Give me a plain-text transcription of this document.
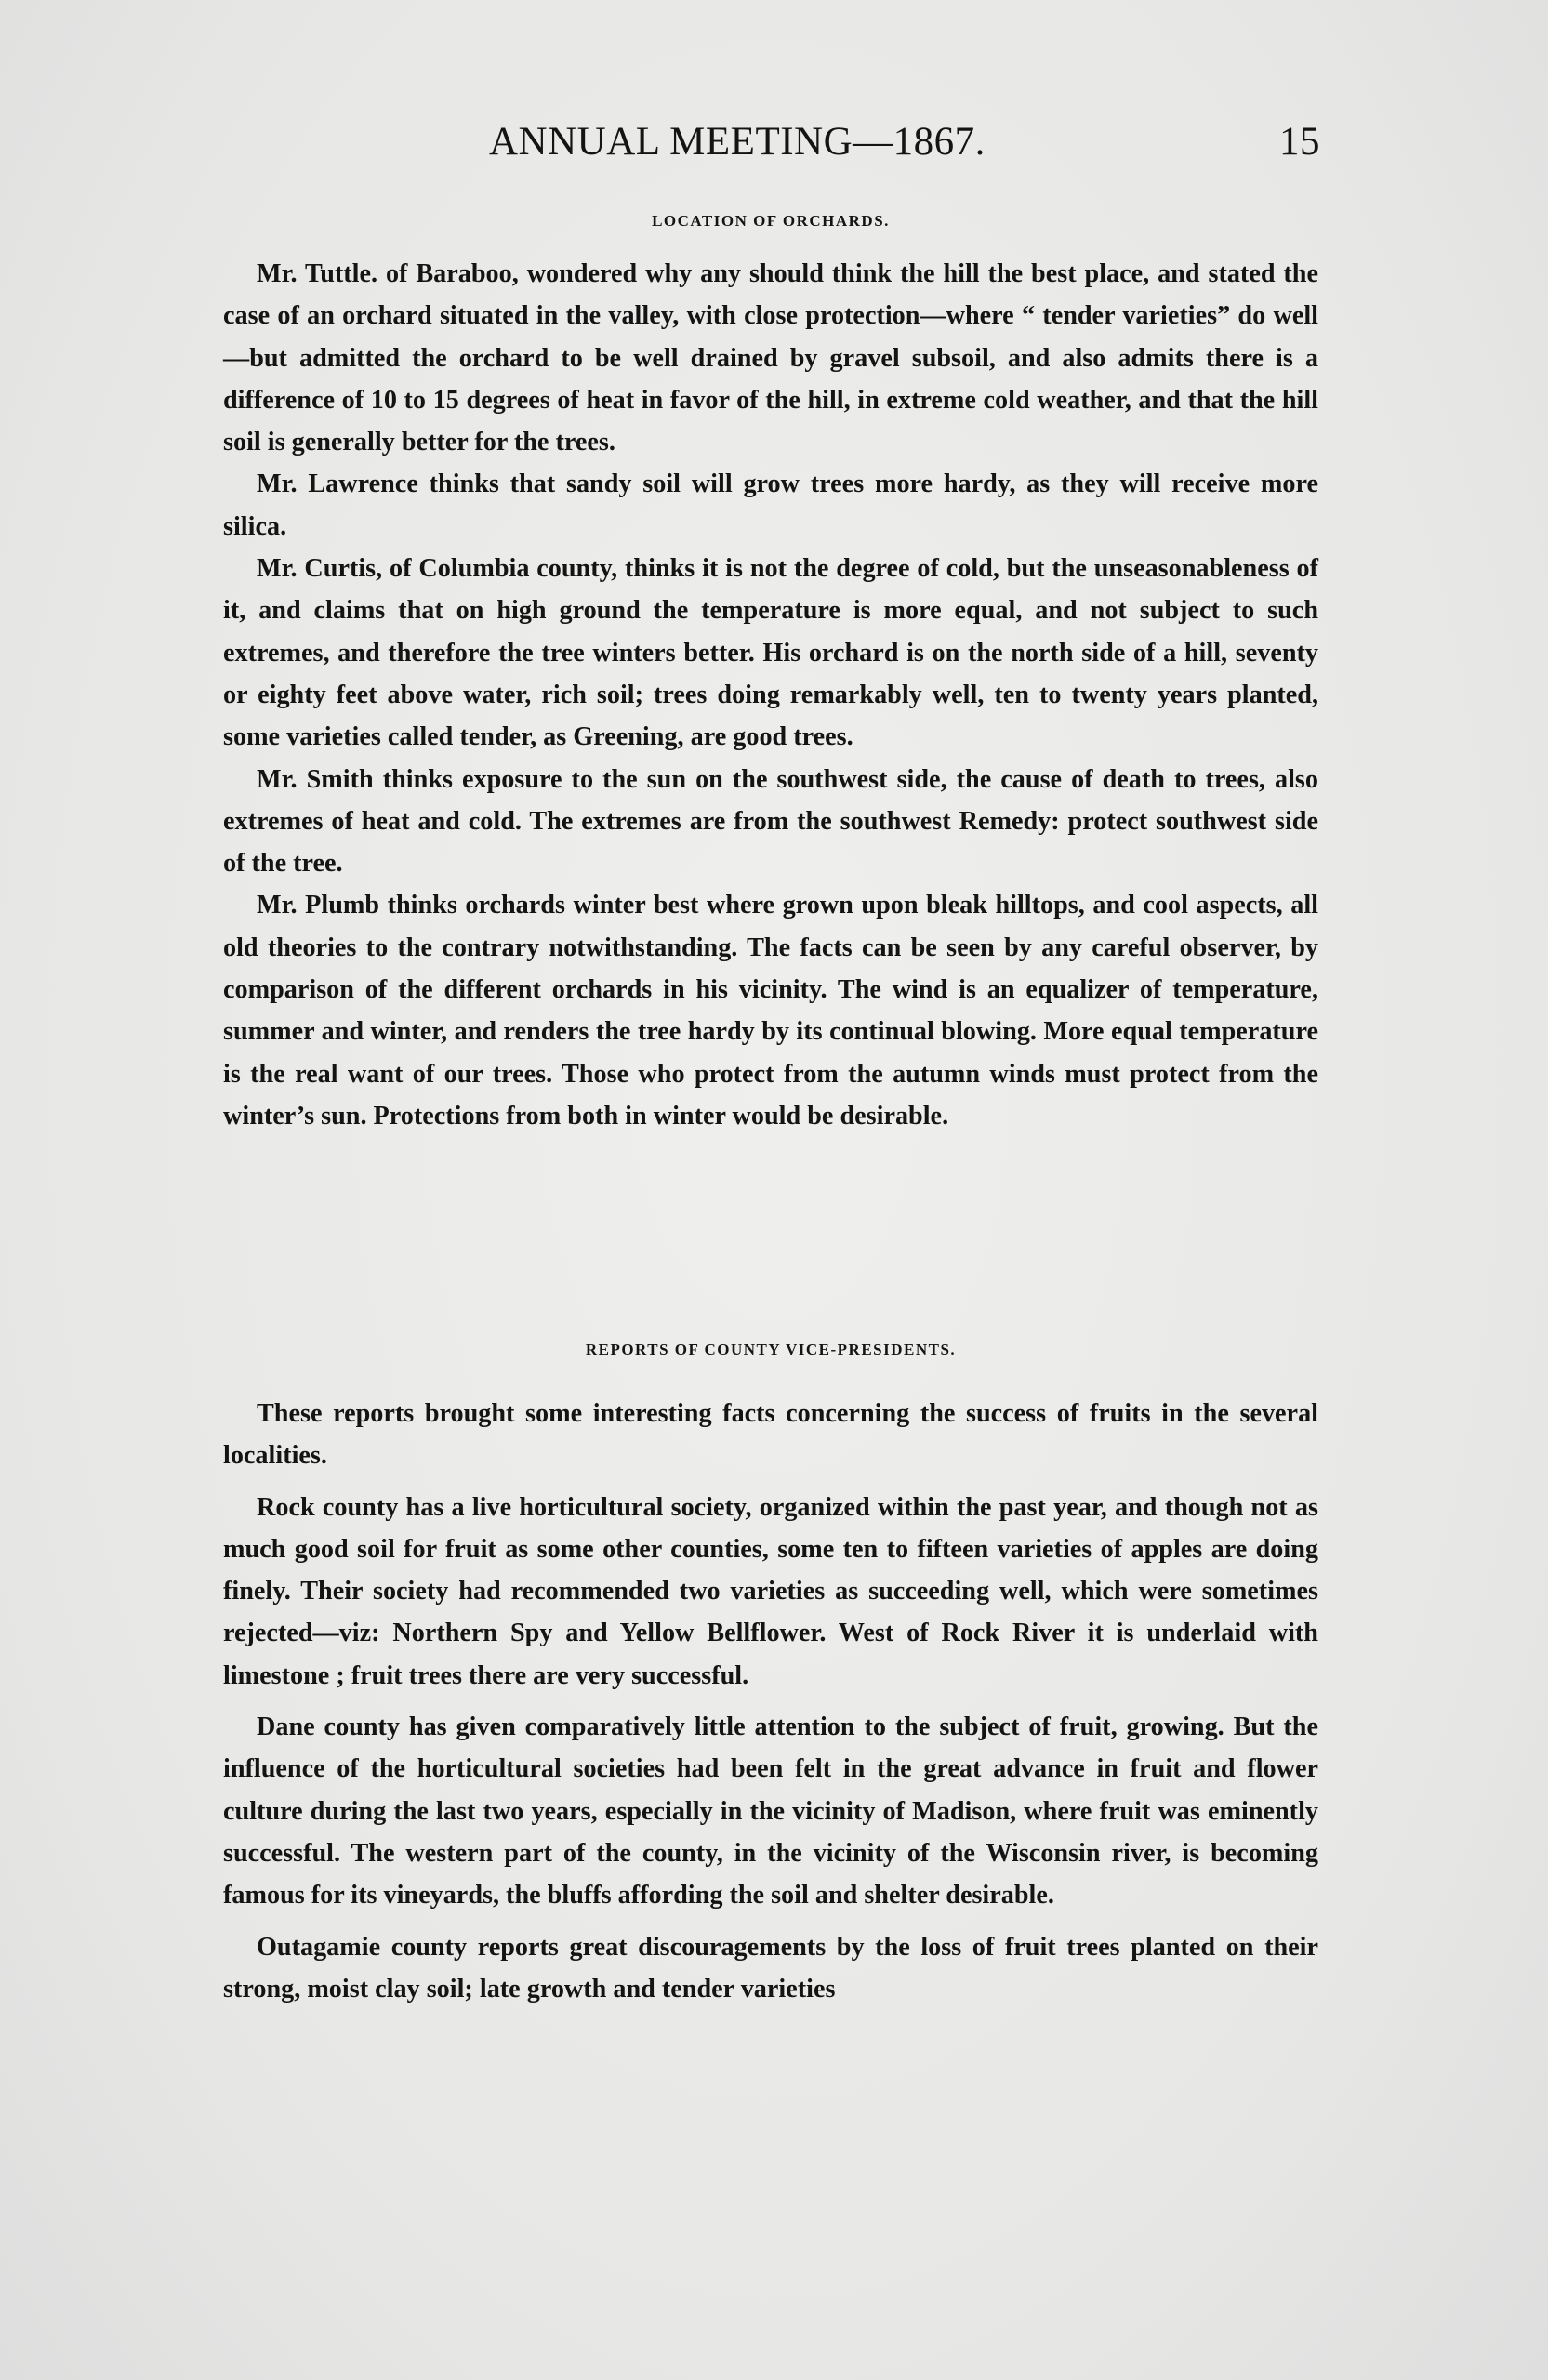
ANNUAL MEETING—1867.	15
LOCATION OF ORCHARDS.

Mr. Tuttle. of Baraboo, wondered why any should think the hill the best place, and stated the case of an orchard situated in the valley, with close protection—where “ tender varieties” do well—but admitted the orchard to be well drained by gravel subsoil, and also admits there is a difference of 10 to 15 degrees of heat in favor of the hill, in extreme cold weather, and that the hill soil is generally better for the trees.

Mr. Lawrence thinks that sandy soil will grow trees more hardy, as they will receive more silica.

Mr. Curtis, of Columbia county, thinks it is not the degree of cold, but the unseasonableness of it, and claims that on high ground the temperature is more equal, and not subject to such extremes, and therefore the tree winters better. His orchard is on the north side of a hill, seventy or eighty feet above water, rich soil; trees doing remarkably well, ten to twenty years planted, some varieties called tender, as Greening, are good trees.

Mr. Smith thinks exposure to the sun on the southwest side, the cause of death to trees, also extremes of heat and cold. The extremes are from the southwest Remedy: protect southwest side of the tree.

Mr. Plumb thinks orchards winter best where grown upon bleak hilltops, and cool aspects, all old theories to the contrary notwithstanding. The facts can be seen by any careful observer, by comparison of the different orchards in his vicinity. The wind is an equalizer of temperature, summer and winter, and renders the tree hardy by its continual blowing. More equal temperature is the real want of our trees. Those who protect from the autumn winds must protect from the winter’s sun. Protections from both in winter would be desirable.

REPORTS OF COUNTY VICE-PRESIDENTS.

These reports brought some interesting facts concerning the success of fruits in the several localities.

Rock county has a live horticultural society, organized within the past year, and though not as much good soil for fruit as some other counties, some ten to fifteen varieties of apples are doing finely. Their society had recommended two varieties as succeeding well, which were sometimes rejected—viz: Northern Spy and Yellow Bellflower. West of Rock River it is underlaid with limestone ; fruit trees there are very successful.

Dane county has given comparatively little attention to the subject of fruit, growing. But the influence of the horticultural societies had been felt in the great advance in fruit and flower culture during the last two years, especially in the vicinity of Madison, where fruit was eminently successful. The western part of the county, in the vicinity of the Wisconsin river, is becoming famous for its vineyards, the bluffs affording the soil and shelter desirable.

Outagamie county reports great discouragements by the loss of fruit trees planted on their strong, moist clay soil; late growth and tender varieties
